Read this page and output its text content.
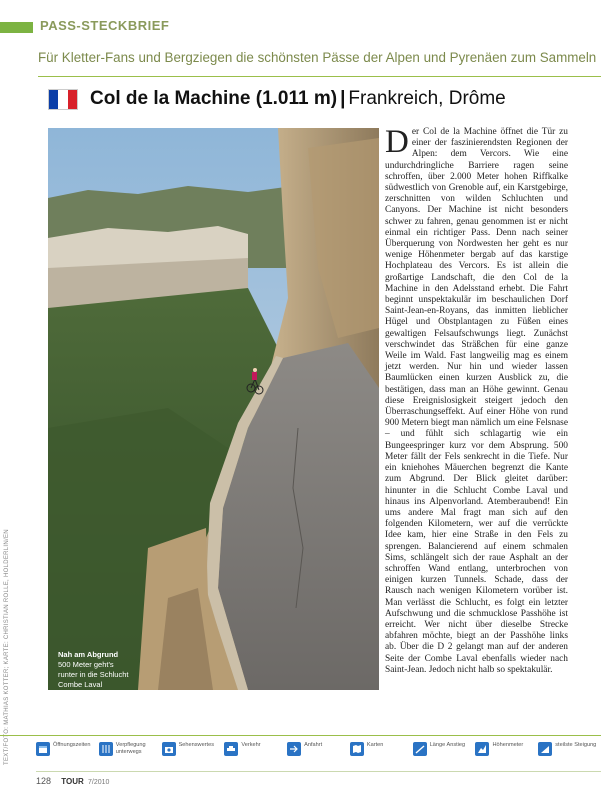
PASS-STECKBRIEF
Für Kletter-Fans und Bergziegen die schönsten Pässe der Alpen und Pyrenäen zum Sammeln
Col de la Machine (1.011 m) | Frankreich, Drôme
Nah am Abgrund
500 Meter geht's
runter in die Schlucht
Combe Laval
TEXT/FOTO: MATHIAS KOTTER; KARTE: CHRISTIAN ROLLE, HOLDERLIN/EN
Der Col de la Machine öffnet die Tür zu einer der faszinierendsten Regionen der Alpen: dem Vercors. Wie eine undurchdringliche Barriere ragen seine schroffen, über 2.000 Meter hohen Riffkalke südwestlich von Grenoble auf, ein Karstgebirge, zerschnitten von wilden Schluchten und Canyons. Der Machine ist nicht besonders schwer zu fahren, genau genommen ist er nicht einmal ein richtiger Pass. Denn nach seiner Überquerung von Nordwesten her geht es nur wenige Höhenmeter bergab auf das karstige Hochplateau des Vercors. Es ist allein die großartige Landschaft, die den Col de la Machine in den Adelsstand erhebt. Die Fahrt beginnt unspektakulär im beschaulichen Dorf Saint-Jean-en-Royans, das inmitten lieblicher Hügel und Obstplantagen zu Füßen eines gewaltigen Felsaufschwungs liegt. Zunächst verschwindet das Sträßchen für eine ganze Weile im Wald. Fast langweilig mag es einem jetzt werden. Nur hin und wieder lassen Baumlücken einen kurzen Ausblick zu, die bestätigen, dass man an Höhe gewinnt. Genau diese Ereignislosigkeit steigert jedoch den Überraschungseffekt. Auf einer Höhe von rund 900 Metern biegt man nämlich um eine Felsnase – und fühlt sich schlagartig wie ein Bungeespringer kurz vor dem Absprung. 500 Meter fällt der Fels senkrecht in die Tiefe. Nur ein kniehohes Mäuerchen begrenzt die Kante zum Abgrund. Der Blick gleitet darüber: hinunter in die Schlucht Combe Laval und hinaus ins Alpenvorland. Atemberaubend! Ein ums andere Mal fragt man sich auf den folgenden Kilometern, wer auf die verrückte Idee kam, hier eine Straße in den Fels zu sprengen. Balancierend auf einem schmalen Sims, schlängelt sich der raue Asphalt an der schroffen Wand entlang, unterbrochen von einigen kurzen Tunnels. Schade, dass der Rausch nach wenigen Kilometern vorüber ist. Man verlässt die Schlucht, es folgt ein letzter Aufschwung und die schmucklose Passhöhe ist erreicht. Wer nicht über dieselbe Strecke abfahren möchte, biegt an der Passhöhe links ab. Über die D 2 gelangt man auf der anderen Seite der Combe Laval ebenfalls wieder nach Saint-Jean. Jedoch nicht halb so spektakulär.
Öffnungszeiten	Verpflegung unterwegs
Sehenswertes	Verkehr	Anfahrt	Karten	Länge Anstieg	Höhenmeter	steilste Steigung
128 TOUR 7/2010
